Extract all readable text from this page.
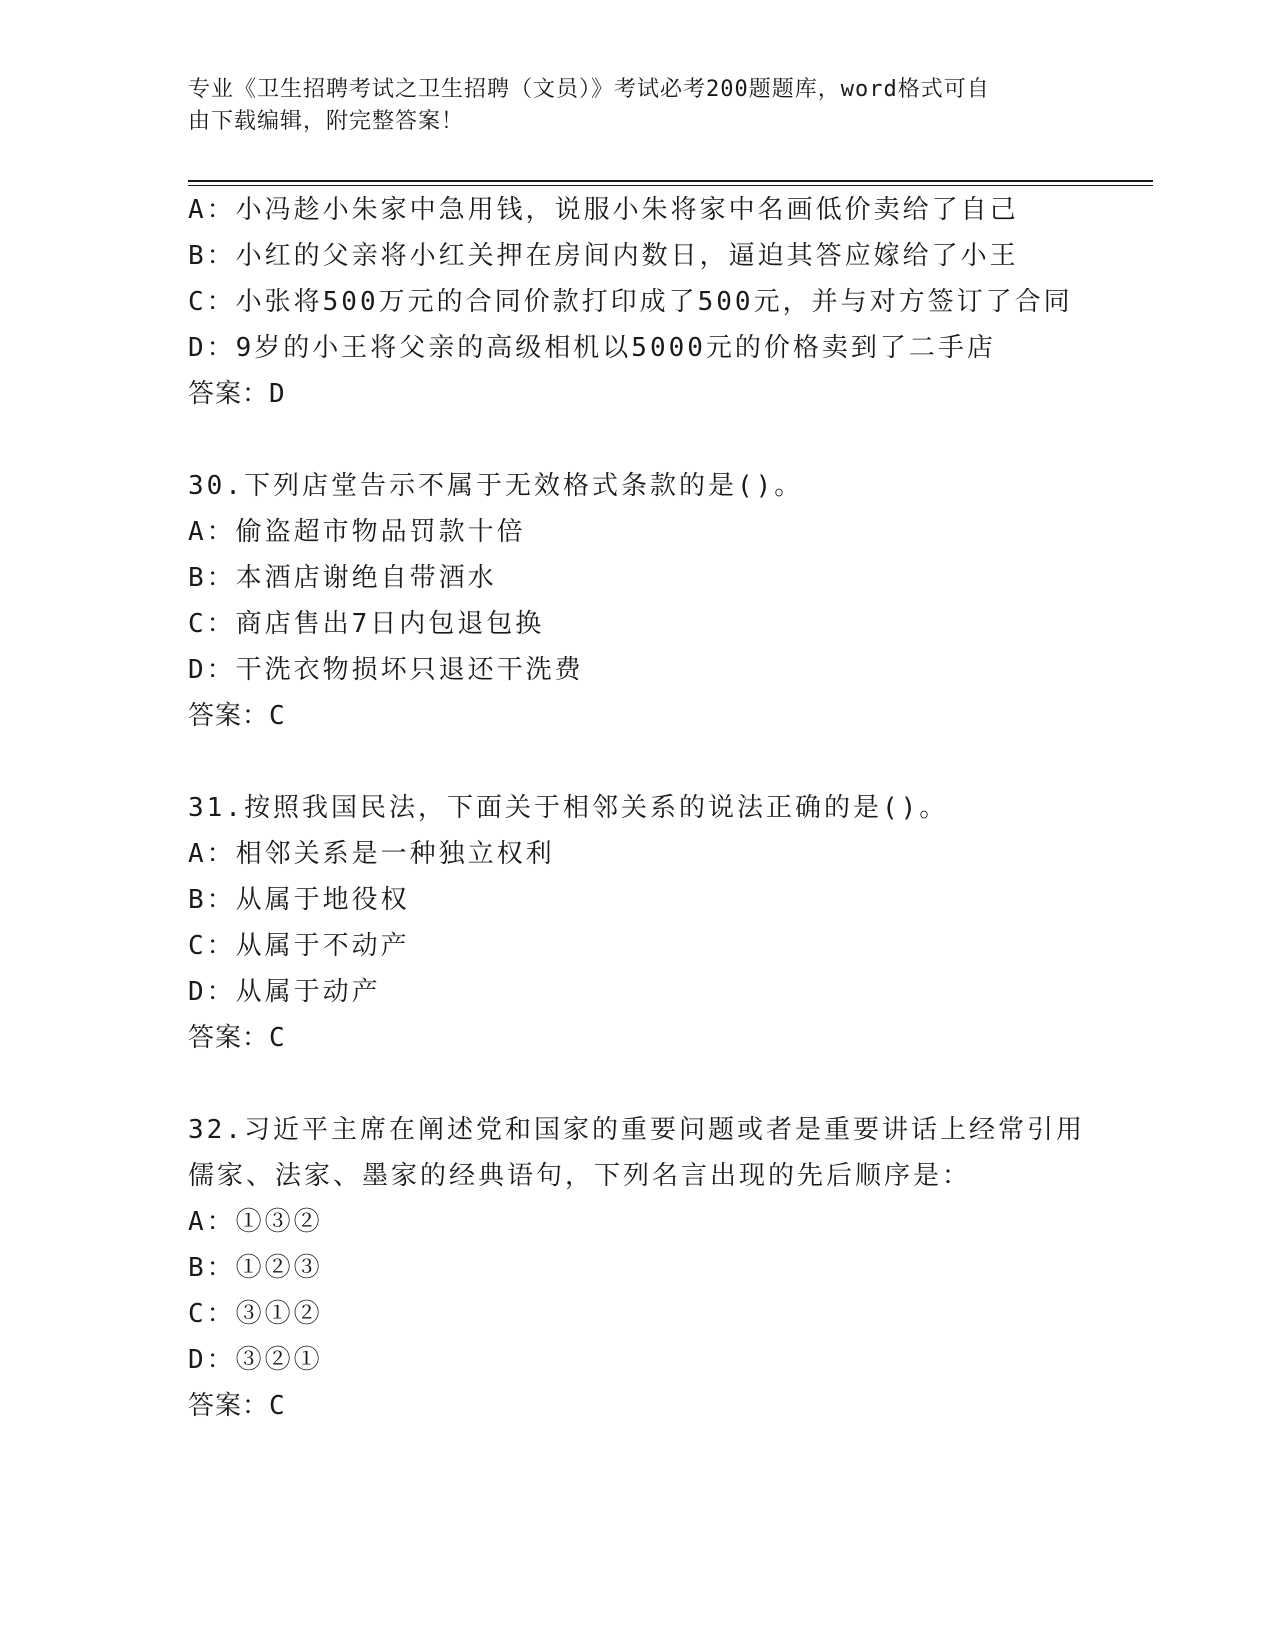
专业《卫生招聘考试之卫生招聘（文员）》考试必考200题题库，word格式可自
由下载编辑，附完整答案！
A：小冯趁小朱家中急用钱，说服小朱将家中名画低价卖给了自己
B：小红的父亲将小红关押在房间内数日，逼迫其答应嫁给了小王
C：小张将500万元的合同价款打印成了500元，并与对方签订了合同
D：9岁的小王将父亲的高级相机以5000元的价格卖到了二手店
答案：D
30.下列店堂告示不属于无效格式条款的是()。
A：偷盗超市物品罚款十倍
B：本酒店谢绝自带酒水
C：商店售出7日内包退包换
D：干洗衣物损坏只退还干洗费
答案：C
31.按照我国民法，下面关于相邻关系的说法正确的是()。
A：相邻关系是一种独立权利
B：从属于地役权
C：从属于不动产
D：从属于动产
答案：C
32.习近平主席在阐述党和国家的重要问题或者是重要讲话上经常引用
儒家、法家、墨家的经典语句，下列名言出现的先后顺序是：
A：①③②
B：①②③
C：③①②
D：③②①
答案：C
